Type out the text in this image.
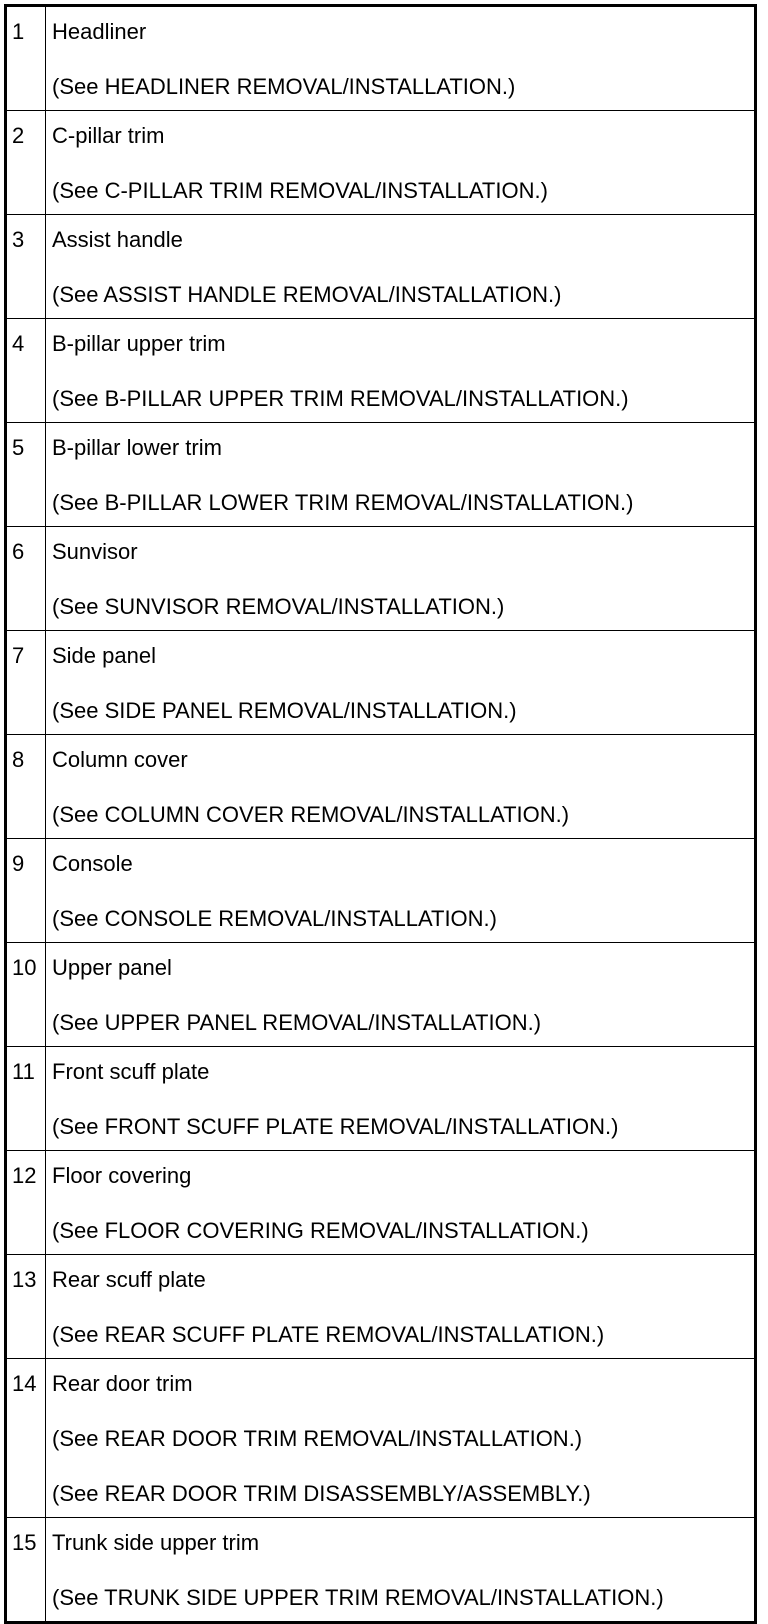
1	Headliner
(See HEADLINER REMOVAL/INSTALLATION.)

2	C-pillar trim
(See C-PILLAR TRIM REMOVAL/INSTALLATION.)

3	Assist handle
(See ASSIST HANDLE REMOVAL/INSTALLATION.)

4	B-pillar upper trim
(See B-PILLAR UPPER TRIM REMOVAL/INSTALLATION.)

5	B-pillar lower trim
(See B-PILLAR LOWER TRIM REMOVAL/INSTALLATION.)

6	Sunvisor
(See SUNVISOR REMOVAL/INSTALLATION.)

7	Side panel
(See SIDE PANEL REMOVAL/INSTALLATION.)

8	Column cover
(See COLUMN COVER REMOVAL/INSTALLATION.)

9	Console
(See CONSOLE REMOVAL/INSTALLATION.)

10	Upper panel
(See UPPER PANEL REMOVAL/INSTALLATION.)

11	Front scuff plate
(See FRONT SCUFF PLATE REMOVAL/INSTALLATION.)

12	Floor covering
(See FLOOR COVERING REMOVAL/INSTALLATION.)

13	Rear scuff plate
(See REAR SCUFF PLATE REMOVAL/INSTALLATION.)

14	Rear door trim
(See REAR DOOR TRIM REMOVAL/INSTALLATION.)
(See REAR DOOR TRIM DISASSEMBLY/ASSEMBLY.)

15	Trunk side upper trim
(See TRUNK SIDE UPPER TRIM REMOVAL/INSTALLATION.)
